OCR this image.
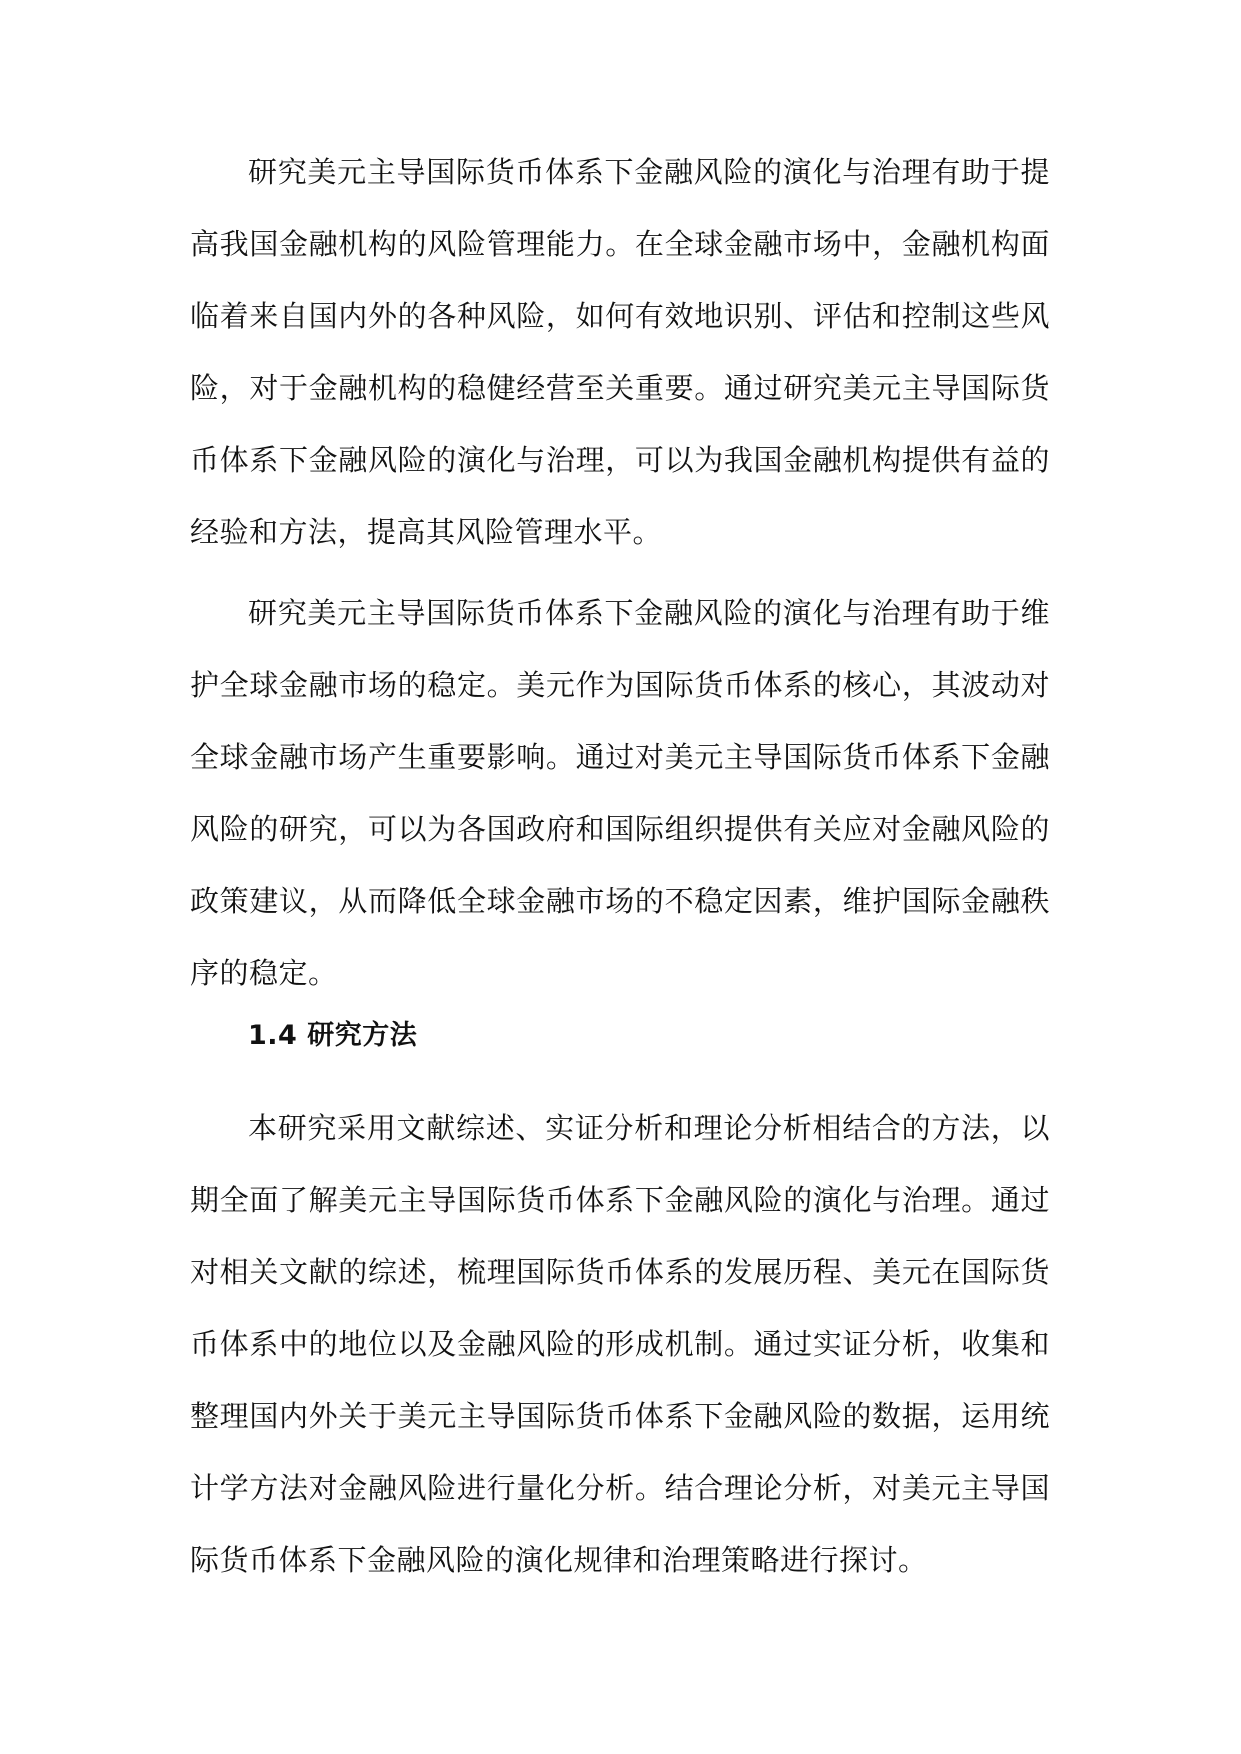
研究美元主导国际货币体系下金融风险的演化与治理有助于提高我国金融机构的风险管理能力。在全球金融市场中，金融机构面临着来自国内外的各种风险，如何有效地识别、评估和控制这些风险，对于金融机构的稳健经营至关重要。通过研究美元主导国际货币体系下金融风险的演化与治理，可以为我国金融机构提供有益的经验和方法，提高其风险管理水平。

研究美元主导国际货币体系下金融风险的演化与治理有助于维护全球金融市场的稳定。美元作为国际货币体系的核心，其波动对全球金融市场产生重要影响。通过对美元主导国际货币体系下金融风险的研究，可以为各国政府和国际组织提供有关应对金融风险的政策建议，从而降低全球金融市场的不稳定因素，维护国际金融秩序的稳定。

1.4 研究方法

本研究采用文献综述、实证分析和理论分析相结合的方法，以期全面了解美元主导国际货币体系下金融风险的演化与治理。通过对相关文献的综述，梳理国际货币体系的发展历程、美元在国际货币体系中的地位以及金融风险的形成机制。通过实证分析，收集和整理国内外关于美元主导国际货币体系下金融风险的数据，运用统计学方法对金融风险进行量化分析。结合理论分析，对美元主导国际货币体系下金融风险的演化规律和治理策略进行探讨。
